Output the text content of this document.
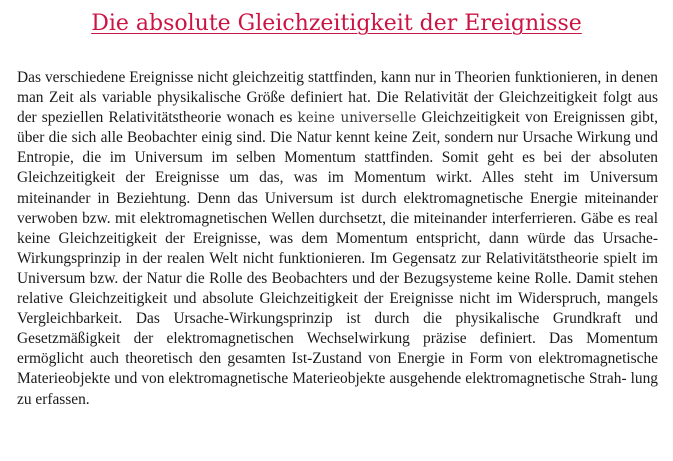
Die absolute Gleichzeitigkeit der Ereignisse

Das verschiedene Ereignisse nicht gleichzeitig stattfinden, kann nur in Theorien funktionieren, in denen man Zeit als variable physikalische Größe definiert hat. Die Relativität der Gleichzeitigkeit folgt aus der speziellen Relativitätstheorie wonach es keine universelle Gleichzeitigkeit von Ereignissen gibt, über die sich alle Beobachter einig sind. Die Natur kennt keine Zeit, sondern nur Ursache Wirkung und Entropie, die im Universum im selben Momentum stattfinden. Somit geht es bei der absoluten Gleichzeitigkeit der Ereignisse um das, was im Momentum wirkt. Alles steht im Universum miteinander in Beziehtung. Denn das Universum ist durch elektromagnetische Energie miteinander verwoben bzw. mit elektromagnetischen Wellen durchsetzt, die miteinander interferrieren. Gäbe es real keine Gleichzeitigkeit der Ereignisse, was dem Momentum entspricht, dann würde das Ursache-Wirkungsprinzip in der realen Welt nicht funktionieren. Im Gegensatz zur Relativitätstheorie spielt im Universum bzw. der Natur die Rolle des Beobachters und der Bezugsysteme keine Rolle. Damit stehen relative Gleichzeitigkeit und absolute Gleichzeitigkeit der Ereignisse nicht im Widerspruch, mangels Vergleichbarkeit. Das Ursache-Wirkungsprinzip ist durch die physikalische Grundkraft und Gesetzmäßigkeit der elektromagnetischen Wechselwirkung präzise definiert. Das Momentum ermöglicht auch theoretisch den gesamten Ist-Zustand von Energie in Form von elektromagnetische Materieobjekte und von elektromagnetische Materieobjekte ausgehende elektromagnetische Strah- lung zu erfassen.
